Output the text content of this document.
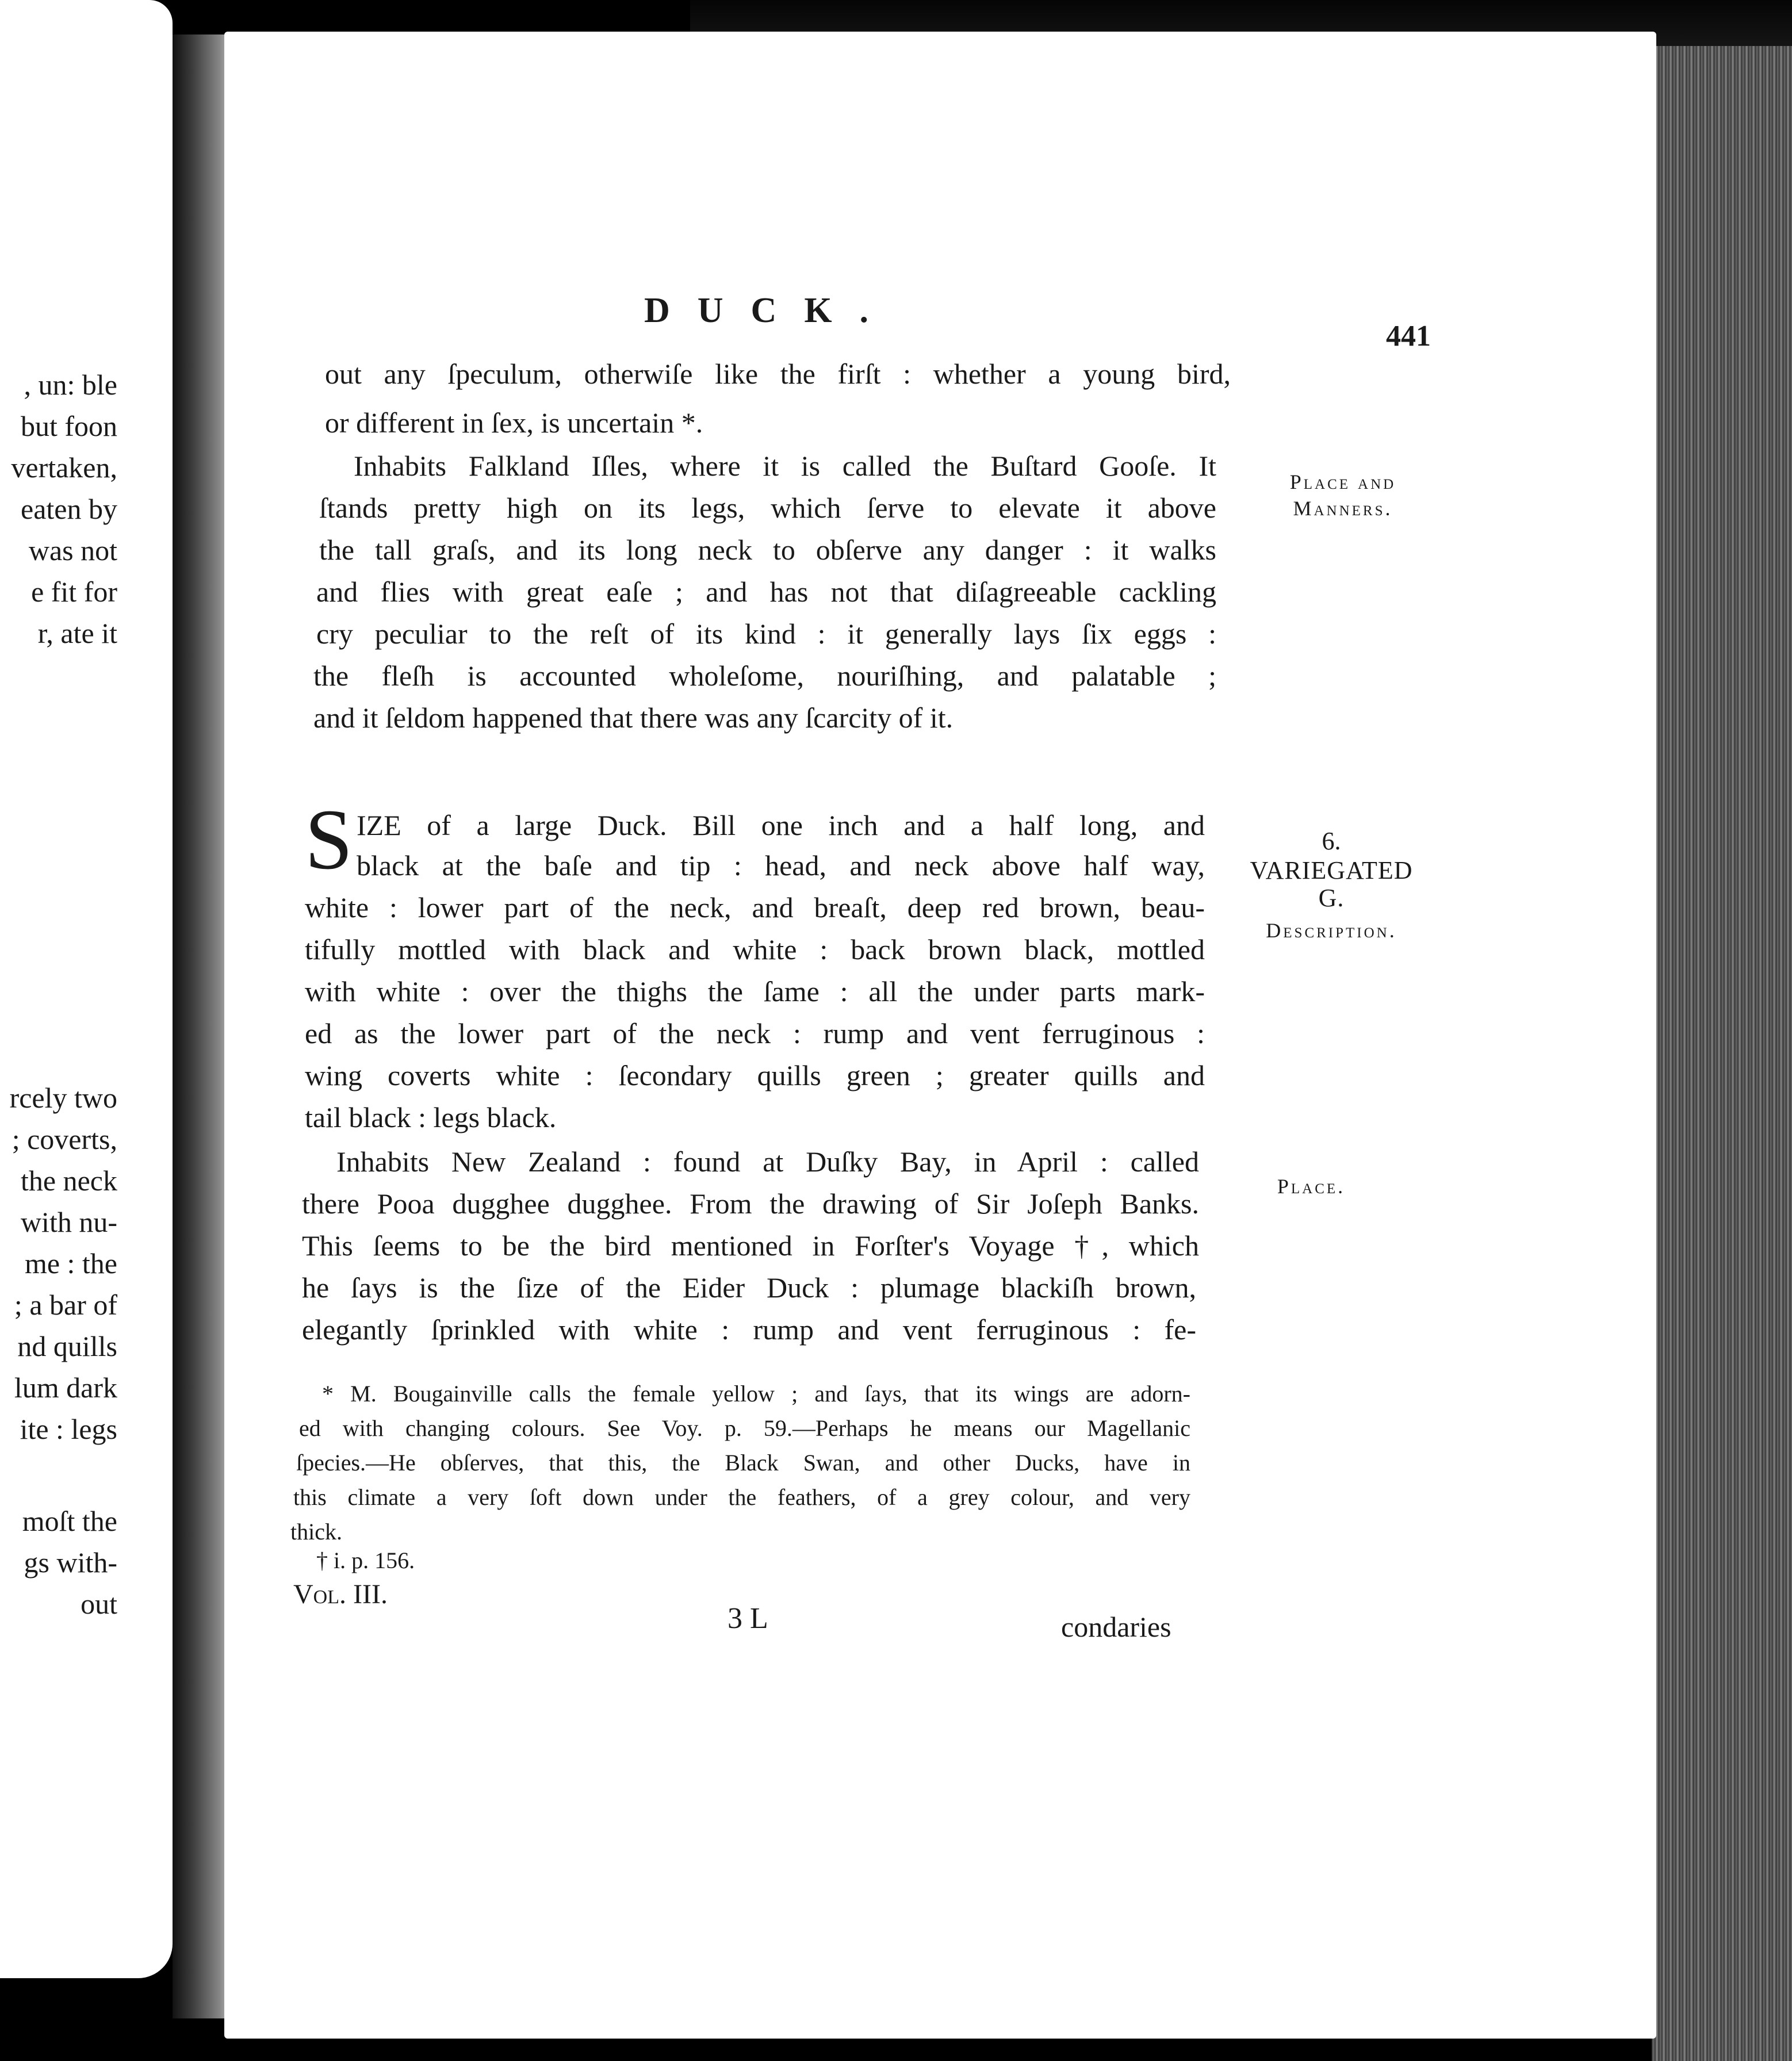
, un: ble
but foon
vertaken,
eaten by
was not
e fit for
r, ate it
rcely two
; coverts,
the neck
with nu-
me : the
; a bar of
nd quills
lum dark
ite : legs
moſt the
gs with-
out
DUCK.
441
out any ſpeculum, otherwiſe like the firſt : whether a young bird,
or different in ſex, is uncertain *.
Inhabits Falkland Iſles, where it is called the Buſtard Gooſe. It
ſtands pretty high on its legs, which ſerve to elevate it above
the tall graſs, and its long neck to obſerve any danger : it walks
and flies with great eaſe ; and has not that diſagreeable cackling
cry peculiar to the reſt of its kind : it generally lays ſix eggs :
the fleſh is accounted wholeſome, nouriſhing, and palatable ;
and it ſeldom happened that there was any ſcarcity of it.
Place and
Manners.
6.
VARIEGATED
G.
Description.
Place.
S IZE of a large Duck. Bill one inch and a half long, and
black at the baſe and tip : head, and neck above half way,
white : lower part of the neck, and breaſt, deep red brown, beau-
tifully mottled with black and white : back brown black, mottled
with white : over the thighs the ſame : all the under parts mark-
ed as the lower part of the neck : rump and vent ferruginous :
wing coverts white : ſecondary quills green ; greater quills and
tail black : legs black.
Inhabits New Zealand : found at Duſky Bay, in April : called
there Pooa dugghee dugghee. From the drawing of Sir Joſeph Banks.
This ſeems to be the bird mentioned in Forſter's Voyage †, which
he ſays is the ſize of the Eider Duck : plumage blackiſh brown,
elegantly ſprinkled with white : rump and vent ferruginous : fe-
* M. Bougainville calls the female yellow ; and ſays, that its wings are adorn-
ed with changing colours. See Voy. p. 59.—Perhaps he means our Magellanic
ſpecies.—He obſerves, that this, the Black Swan, and other Ducks, have in
this climate a very ſoft down under the feathers, of a grey colour, and very
thick.
† i. p. 156.
Vol. III.
3 L	condaries
